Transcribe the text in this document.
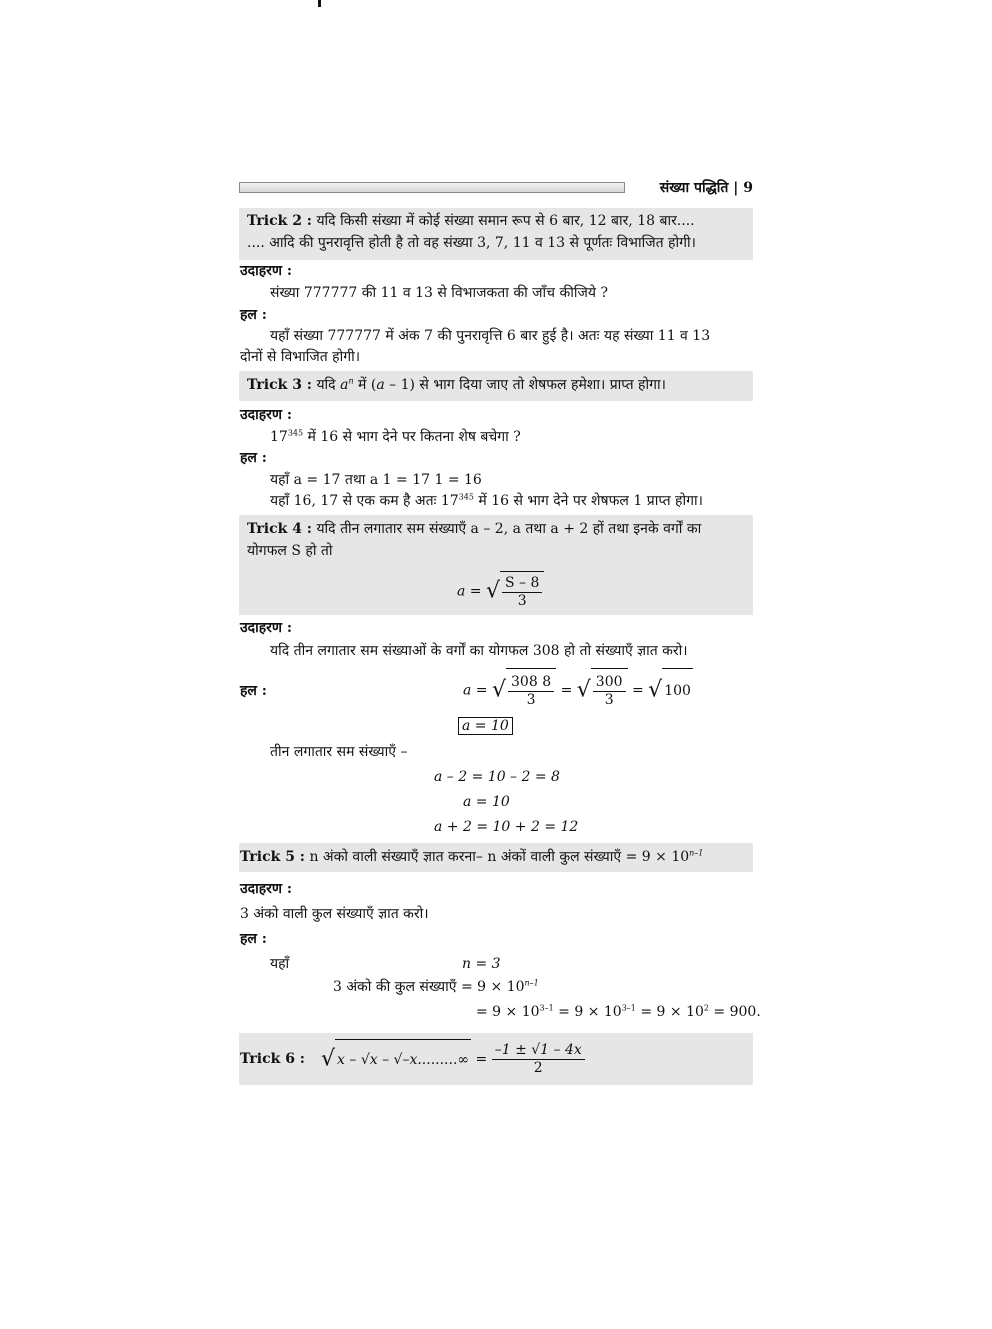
संख्या पद्धिति | 9
Trick 2 : यदि किसी संख्या में कोई संख्या समान रूप से 6 बार, 12 बार, 18 बार....
.... आदि की पुनरावृत्ति होती है तो वह संख्या 3, 7, 11 व 13 से पूर्णतः विभाजित होगी।
उदाहरण :
संख्या 777777 की 11 व 13 से विभाजकता की जाँच कीजिये ?
हल :
यहाँ संख्या 777777 में अंक 7 की पुनरावृत्ति 6 बार हुई है। अतः यह संख्या 11 व 13
दोनों से विभाजित होगी।
Trick 3 : यदि $a^n$ में (a – 1) से भाग दिया जाए तो शेषफल हमेशा। प्राप्त होगा।
उदाहरण :
$17^{345}$ में 16 से भाग देने पर कितना शेष बचेगा ?
हल :
यहाँ a = 17 तथा a 1 = 17 1 = 16
यहाँ 16, 17 से एक कम है अतः $17^{345}$ में 16 से भाग देने पर शेषफल 1 प्राप्त होगा।
Trick 4 : यदि तीन लगातार सम संख्याएँ a – 2, a तथा a + 2 हों तथा इनके वर्गों का
योगफल S हो तो
a = √ $\frac{S - 8}{3}$
उदाहरण :
यदि तीन लगातार सम संख्याओं के वर्गों का योगफल 308 हो तो संख्याएँ ज्ञात करो।
हल :	a = √ $\frac{308 8}{3}$ = √ $\frac{300}{3}$ = √ 100
a = 10
तीन लगातार सम संख्याएँ –
a – 2 = 10 – 2 = 8
a = 10
a + 2 = 10 + 2 = 12
Trick 5 : n अंको वाली संख्याएँ ज्ञात करना– n अंकों वाली कुल संख्याएँ = $9 \times 10^{n-1}$
उदाहरण :
3 अंको वाली कुल संख्याएँ ज्ञात करो।
हल :
यहाँ	n = 3
3 अंको की कुल संख्याएँ = $9 \times 10^{n-1}$
= $9 \times 10^{3-1} = 9 \times 10^{3-1} = 9 \times 10^2 = 900$.
Trick 6 : √ $x - √x - √-x.........\infty = \frac{-1 \pm √1 - 4x}{2}$
